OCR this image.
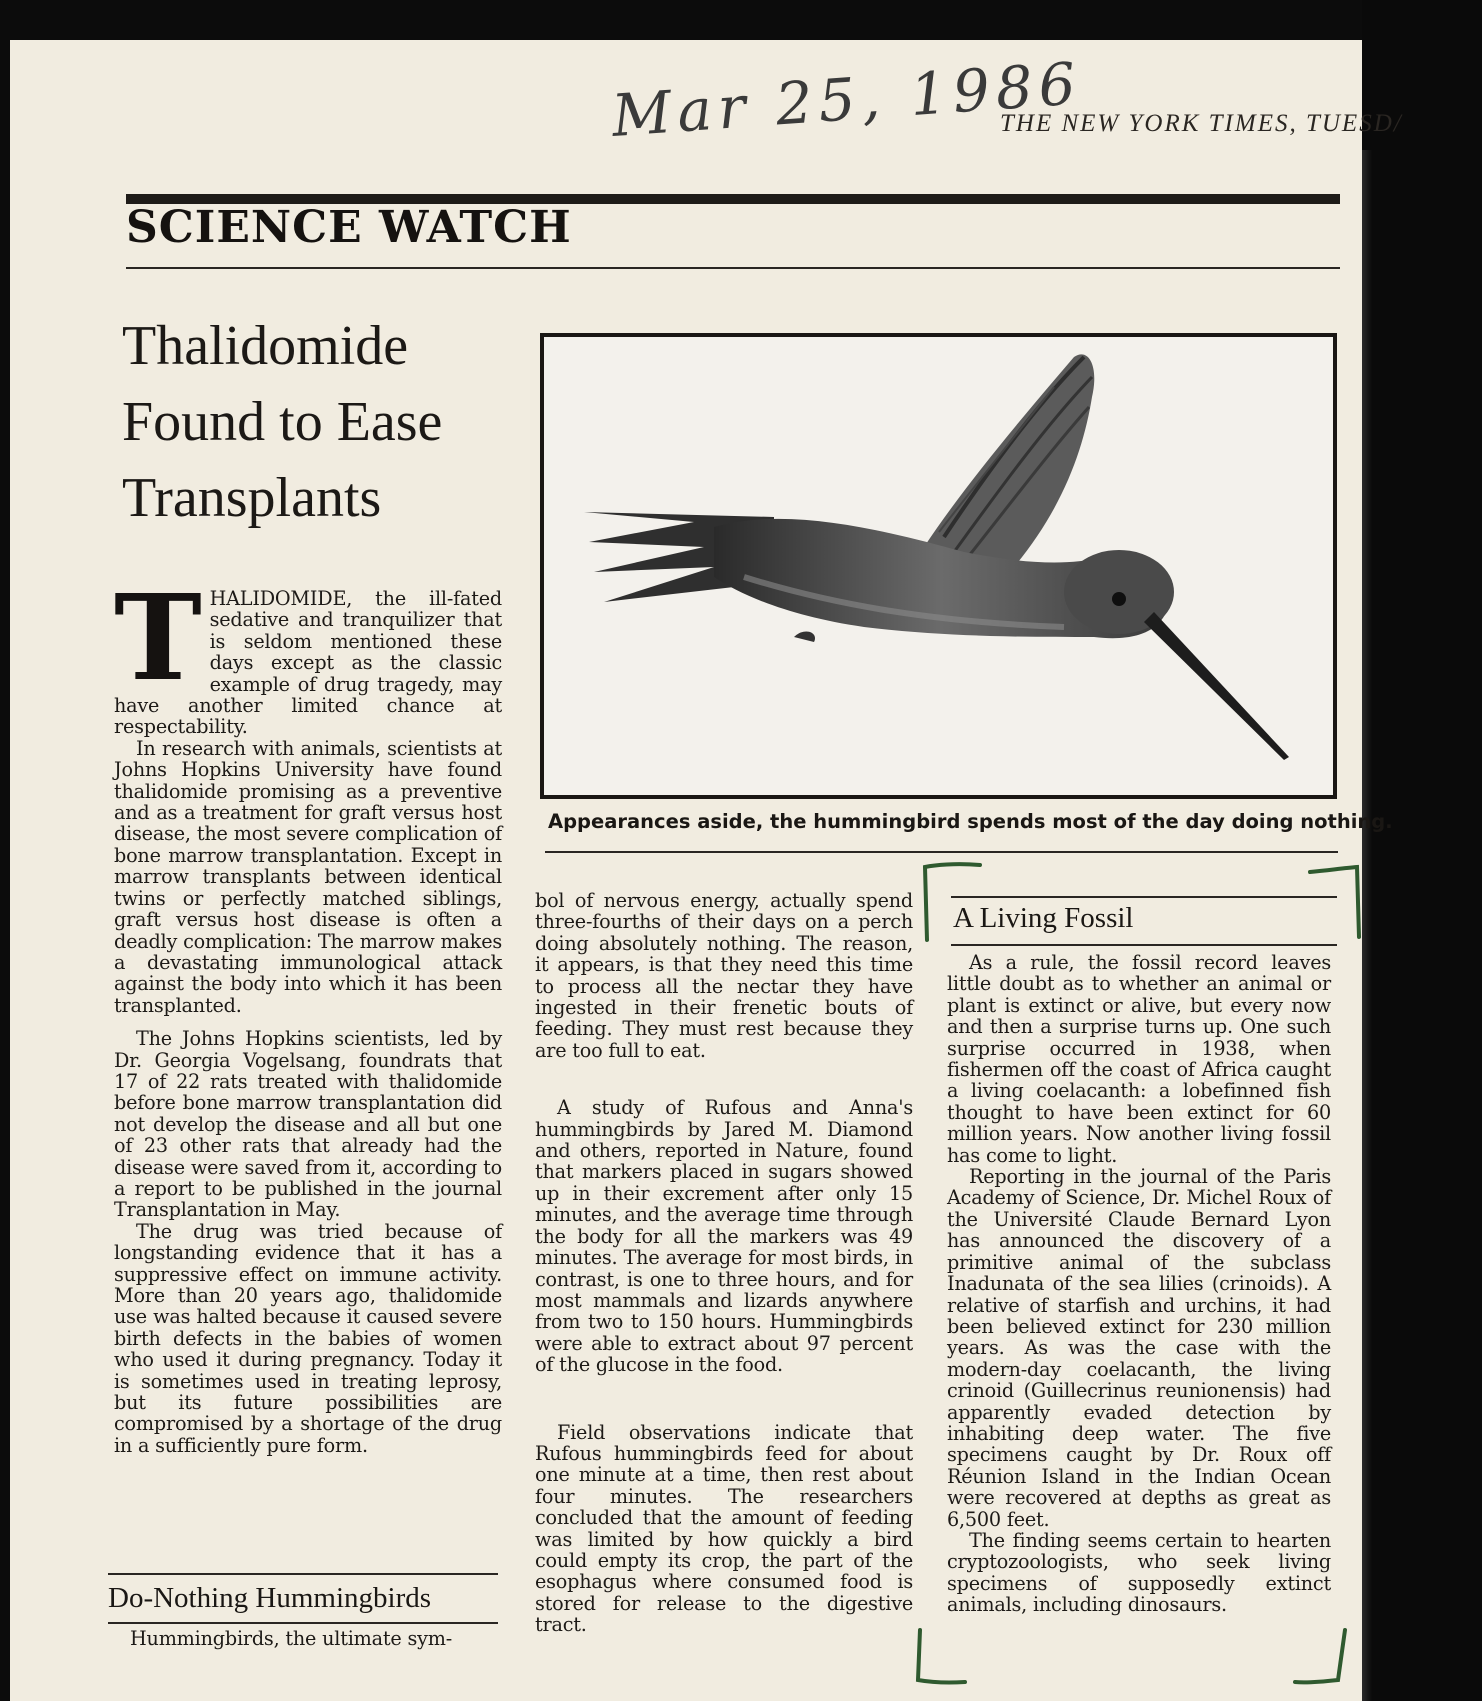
Mar 25, 1986
THE NEW YORK TIMES, TUESD/
SCIENCE WATCH
Thalidomide
Found to Ease
Transplants

THALIDOMIDE, the ill-fated sedative and tranquilizer that is seldom mentioned these days except as the classic example of drug tragedy, may have another limited chance at respectability.

In research with animals, scientists at Johns Hopkins University have found thalidomide promising as a preventive and as a treatment for graft versus host disease, the most severe complication of bone marrow transplantation. Except in marrow transplants between identical twins or perfectly matched siblings, graft versus host disease is often a deadly complication: The marrow makes a devastating immunological attack against the body into which it has been transplanted.

The Johns Hopkins scientists, led by Dr. Georgia Vogelsang, foundrats that 17 of 22 rats treated with thalidomide before bone marrow transplantation did not develop the disease and all but one of 23 other rats that already had the disease were saved from it, according to a report to be published in the journal Transplantation in May.

The drug was tried because of longstanding evidence that it has a suppressive effect on immune activity. More than 20 years ago, thalidomide use was halted because it caused severe birth defects in the babies of women who used it during pregnancy. Today it is sometimes used in treating leprosy, but its future possibilities are compromised by a shortage of the drug in a sufficiently pure form.

Do-Nothing Hummingbirds

Hummingbirds, the ultimate sym-

Appearances aside, the hummingbird spends most of the day doing nothing.

bol of nervous energy, actually spend three-fourths of their days on a perch doing absolutely nothing. The reason, it appears, is that they need this time to process all the nectar they have ingested in their frenetic bouts of feeding. They must rest because they are too full to eat.

A study of Rufous and Anna's hummingbirds by Jared M. Diamond and others, reported in Nature, found that markers placed in sugars showed up in their excrement after only 15 minutes, and the average time through the body for all the markers was 49 minutes. The average for most birds, in contrast, is one to three hours, and for most mammals and lizards anywhere from two to 150 hours. Hummingbirds were able to extract about 97 percent of the glucose in the food.

Field observations indicate that Rufous hummingbirds feed for about one minute at a time, then rest about four minutes. The researchers concluded that the amount of feeding was limited by how quickly a bird could empty its crop, the part of the esophagus where consumed food is stored for release to the digestive tract.

A Living Fossil

As a rule, the fossil record leaves little doubt as to whether an animal or plant is extinct or alive, but every now and then a surprise turns up. One such surprise occurred in 1938, when fishermen off the coast of Africa caught a living coelacanth: a lobefinned fish thought to have been extinct for 60 million years. Now another living fossil has come to light.

Reporting in the journal of the Paris Academy of Science, Dr. Michel Roux of the Université Claude Bernard Lyon has announced the discovery of a primitive animal of the subclass Inadunata of the sea lilies (crinoids). A relative of starfish and urchins, it had been believed extinct for 230 million years. As was the case with the modern-day coelacanth, the living crinoid (Guillecrinus reunionensis) had apparently evaded detection by inhabiting deep water. The five specimens caught by Dr. Roux off Réunion Island in the Indian Ocean were recovered at depths as great as 6,500 feet.

The finding seems certain to hearten cryptozoologists, who seek living specimens of supposedly extinct animals, including dinosaurs.
